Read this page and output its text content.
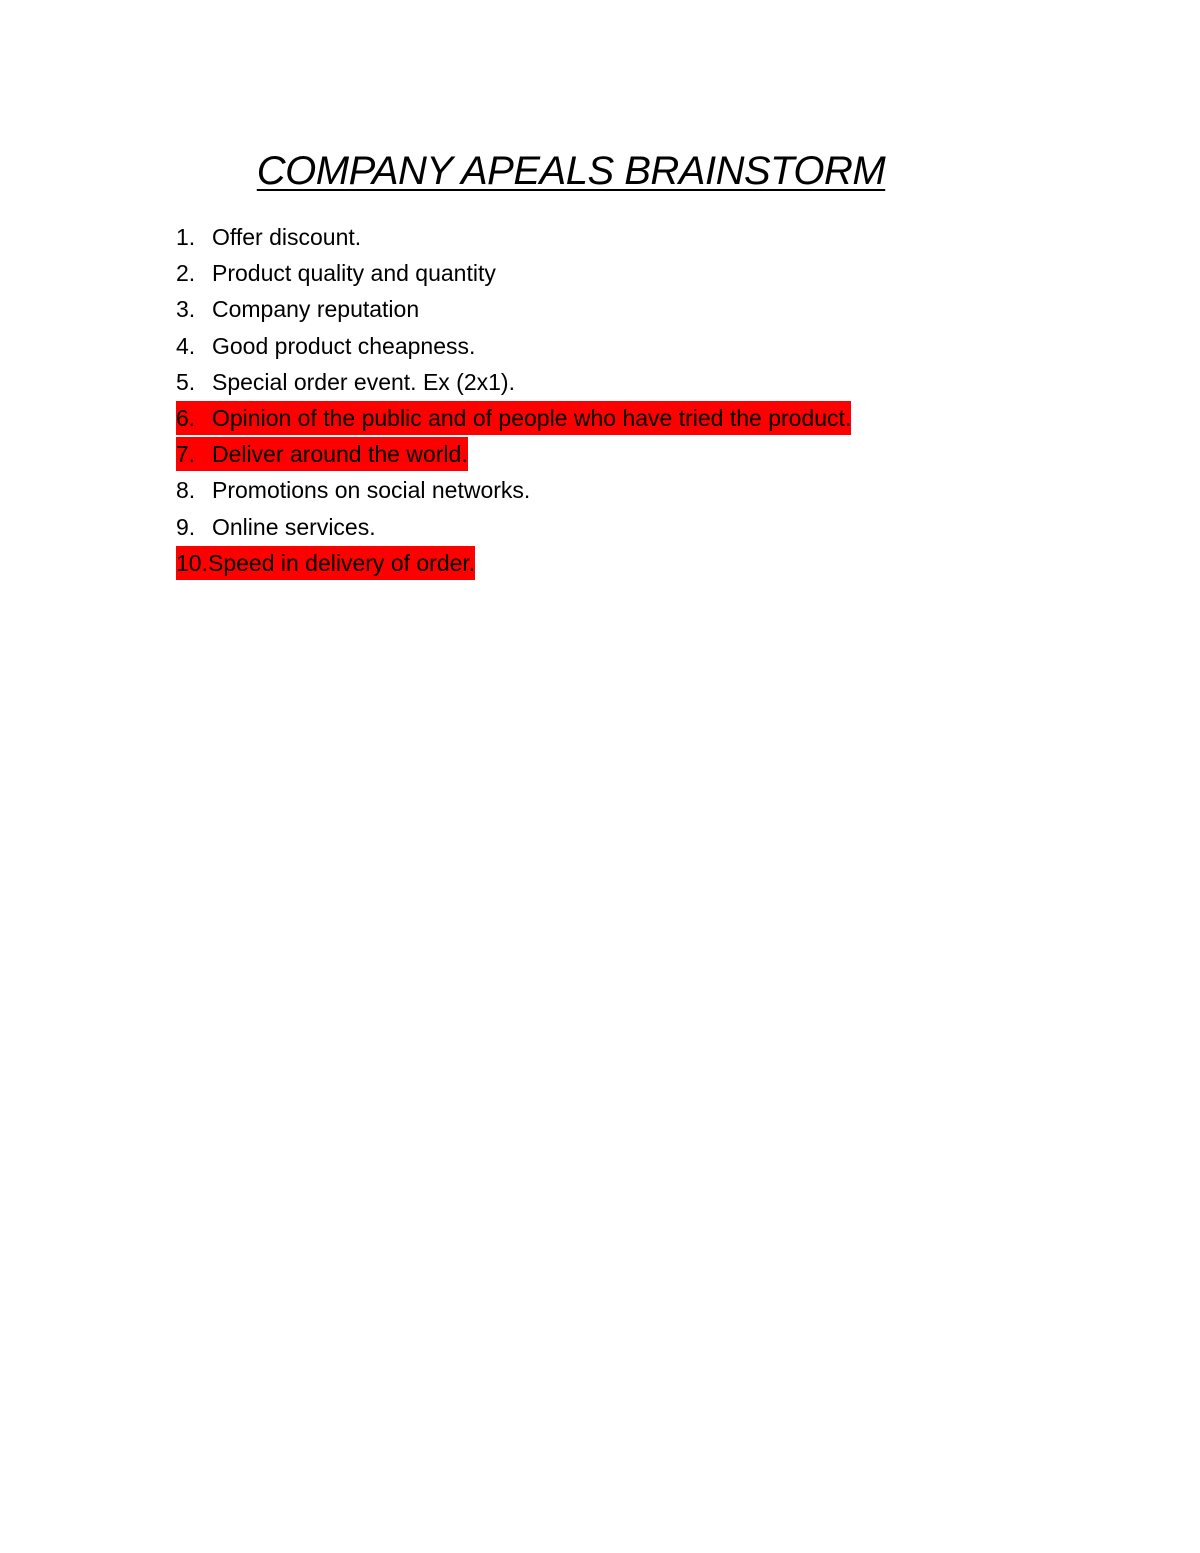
COMPANY APEALS BRAINSTORM
1. Offer discount.
2. Product quality and quantity
3. Company reputation
4. Good product cheapness.
5. Special order event. Ex (2x1).
6. Opinion of the public and of people who have tried the product.
7. Deliver around the world.
8. Promotions on social networks.
9. Online services.
10.Speed in delivery of order.
